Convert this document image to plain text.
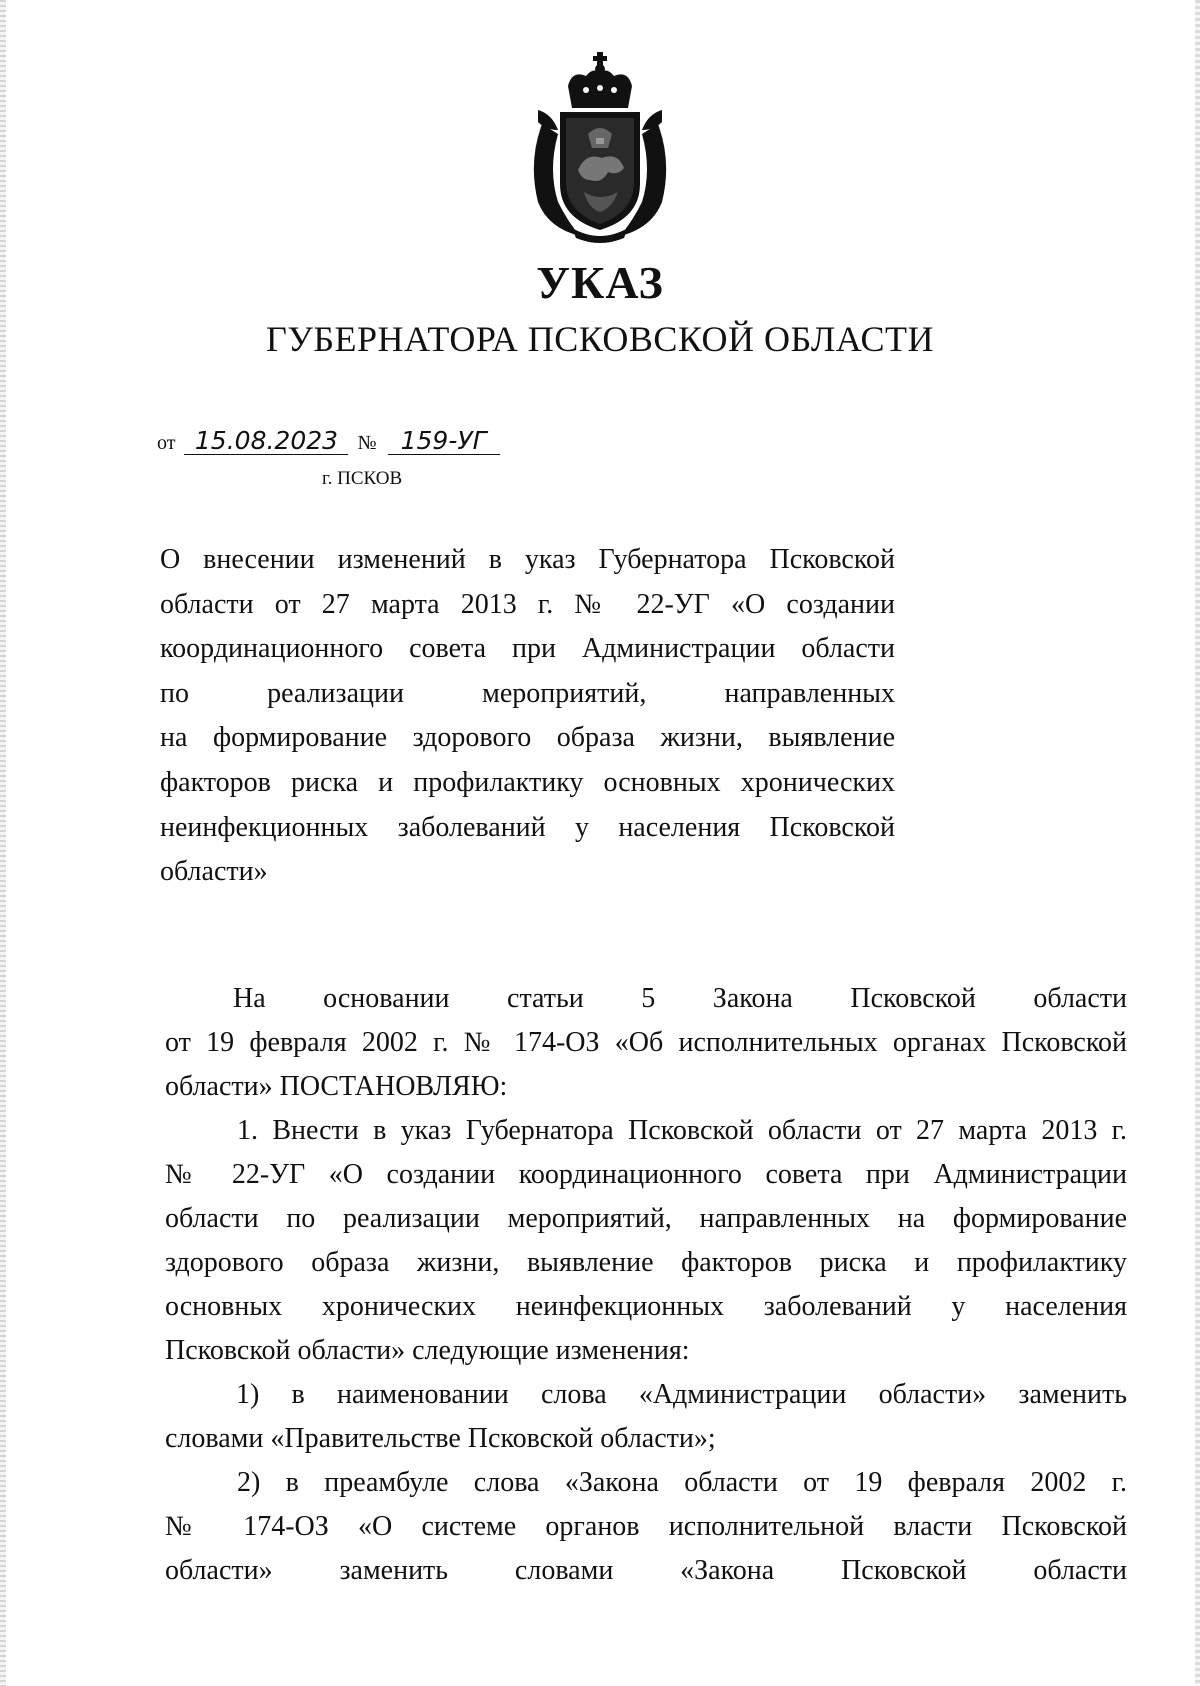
УКАЗ
ГУБЕРНАТОРА ПСКОВСКОЙ ОБЛАСТИ
от 15.08.2023 № 159-УГ
г. ПСКОВ
О внесении изменений в указ Губернатора Псковской
области от 27 марта 2013 г. № 22-УГ «О создании
координационного совета при Администрации области
по реализации мероприятий, направленных
на формирование здорового образа жизни, выявление
факторов риска и профилактику основных хронических
неинфекционных заболеваний у населения Псковской
области»
На основании статьи 5 Закона Псковской области
от 19 февраля 2002 г. № 174-ОЗ «Об исполнительных органах Псковской
области» ПОСТАНОВЛЯЮ:
1. Внести в указ Губернатора Псковской области от 27 марта 2013 г.
№ 22-УГ «О создании координационного совета при Администрации
области по реализации мероприятий, направленных на формирование
здорового образа жизни, выявление факторов риска и профилактику
основных хронических неинфекционных заболеваний у населения
Псковской области» следующие изменения:
1) в наименовании слова «Администрации области» заменить
словами «Правительстве Псковской области»;
2) в преамбуле слова «Закона области от 19 февраля 2002 г.
№ 174-ОЗ «О системе органов исполнительной власти Псковской
области» заменить словами «Закона Псковской области
